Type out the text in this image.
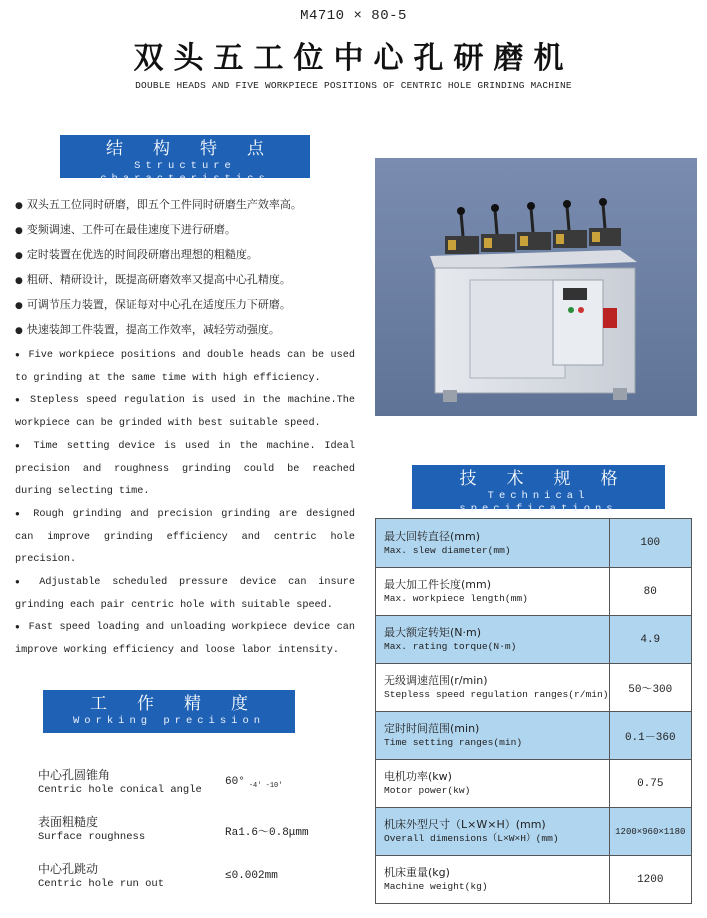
M4710 × 80-5
双头五工位中心孔研磨机
DOUBLE HEADS AND FIVE WORKPIECE POSITIONS OF CENTRIC HOLE GRINDING MACHINE
结构特点
Structure characteristics
● 双头五工位同时研磨，即五个工件同时研磨生产效率高。
● 变频调速、工件可在最佳速度下进行研磨。
● 定时装置在优选的时间段研磨出理想的粗糙度。
● 粗研、精研设计，既提高研磨效率又提高中心孔精度。
● 可调节压力装置，保证每对中心孔在适度压力下研磨。
● 快速装卸工件装置，提高工作效率，减轻劳动强度。

● Five workpiece positions and double heads can be used to grinding at the same time with high efficiency.

● Stepless speed regulation is used in the machine.The workpiece can be grinded with best suitable speed.

● Time setting device is used in the machine. Ideal precision and roughness grinding could be reached during selecting time.

● Rough grinding and precision grinding are designed can improve grinding efficiency and centric hole precision.

● Adjustable scheduled pressure device can insure grinding each pair centric hole with suitable speed.

● Fast speed loading and unloading workpiece device can improve working efficiency and loose labor intensity.

技术规格
Technical specifications
最大回转直径(mm)
Max. slew diameter(mm)	100

最大加工件长度(mm)
Max. workpiece length(mm)	80

最大额定转矩(N·m)
Max. rating torque(N·m)	4.9

无级调速范围(r/min)
Stepless speed regulation ranges(r/min)	50～300

定时时间范围(min)
Time setting ranges(min)	0.1－360

电机功率(kw)
Motor power(kw)	0.75

机床外型尺寸（L×W×H）(mm)
Overall dimensions（L×W×H）(mm)	1200×960×1180

机床重量(kg)
Machine weight(kg)	1200
工作精度
Working precision
中心孔圆锥角
Centric hole conical angle
60° $_{-4' -10'}$
表面粗糙度
Surface roughness	Ra1.6～0.8μmm
中心孔跳动
Centric hole run out
≤0.002mm
